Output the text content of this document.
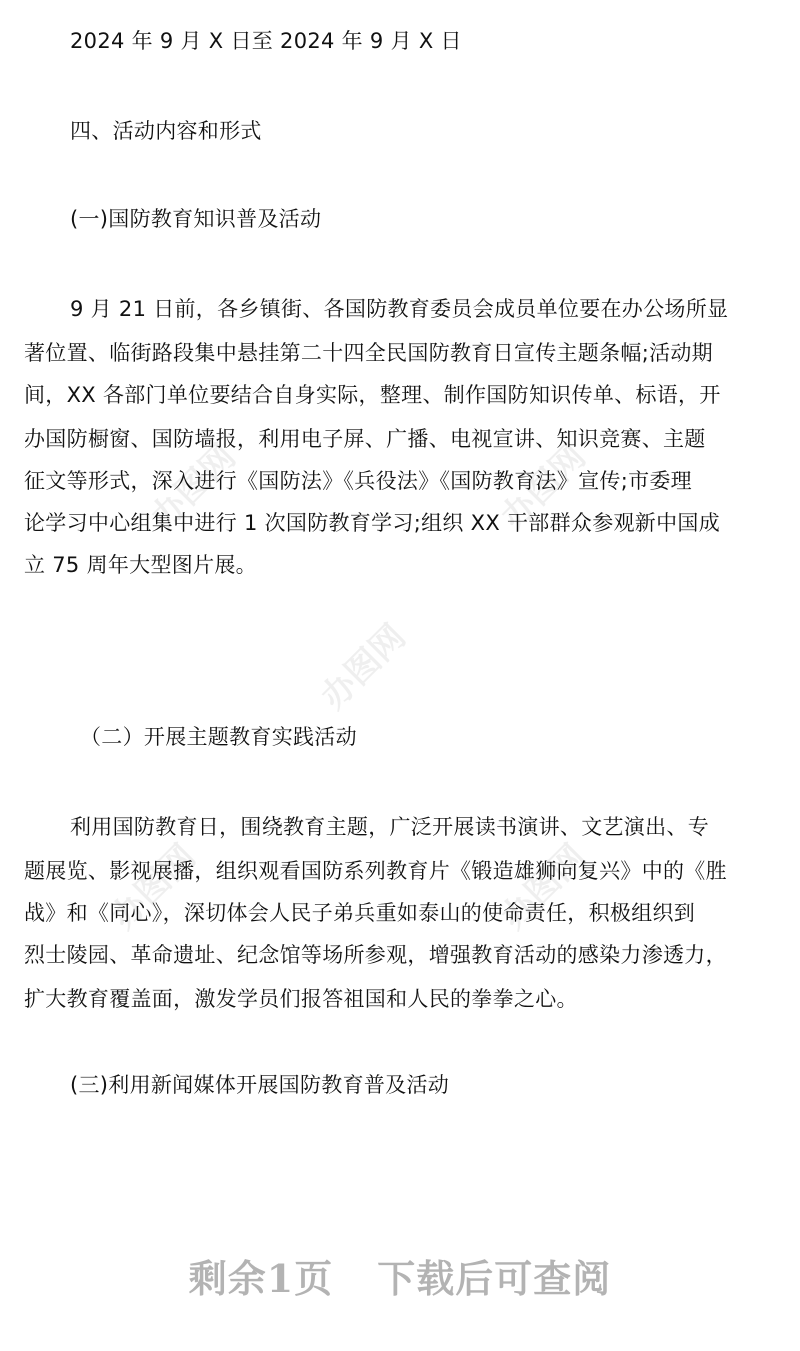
2024 年 9 月 X 日至 2024 年 9 月 X 日
四、活动内容和形式
(一)国防教育知识普及活动
9 月 21 日前，各乡镇街、各国防教育委员会成员单位要在办公场所显
著位置、临街路段集中悬挂第二十四全民国防教育日宣传主题条幅;活动期
间，XX 各部门单位要结合自身实际，整理、制作国防知识传单、标语，开
办国防橱窗、国防墙报，利用电子屏、广播、电视宣讲、知识竞赛、主题
征文等形式，深入进行《国防法》《兵役法》《国防教育法》宣传;市委理
论学习中心组集中进行 1 次国防教育学习;组织 XX 干部群众参观新中国成
立 75 周年大型图片展。
（二）开展主题教育实践活动
利用国防教育日，围绕教育主题，广泛开展读书演讲、文艺演出、专
题展览、影视展播，组织观看国防系列教育片《锻造雄狮向复兴》中的《胜
战》和《同心》，深切体会人民子弟兵重如泰山的使命责任，积极组织到
烈士陵园、革命遗址、纪念馆等场所参观，增强教育活动的感染力渗透力，
扩大教育覆盖面，激发学员们报答祖国和人民的拳拳之心。
(三)利用新闻媒体开展国防教育普及活动
办图网	办图网
办图网
办图网	办图网
剩余1页 下载后可查阅
